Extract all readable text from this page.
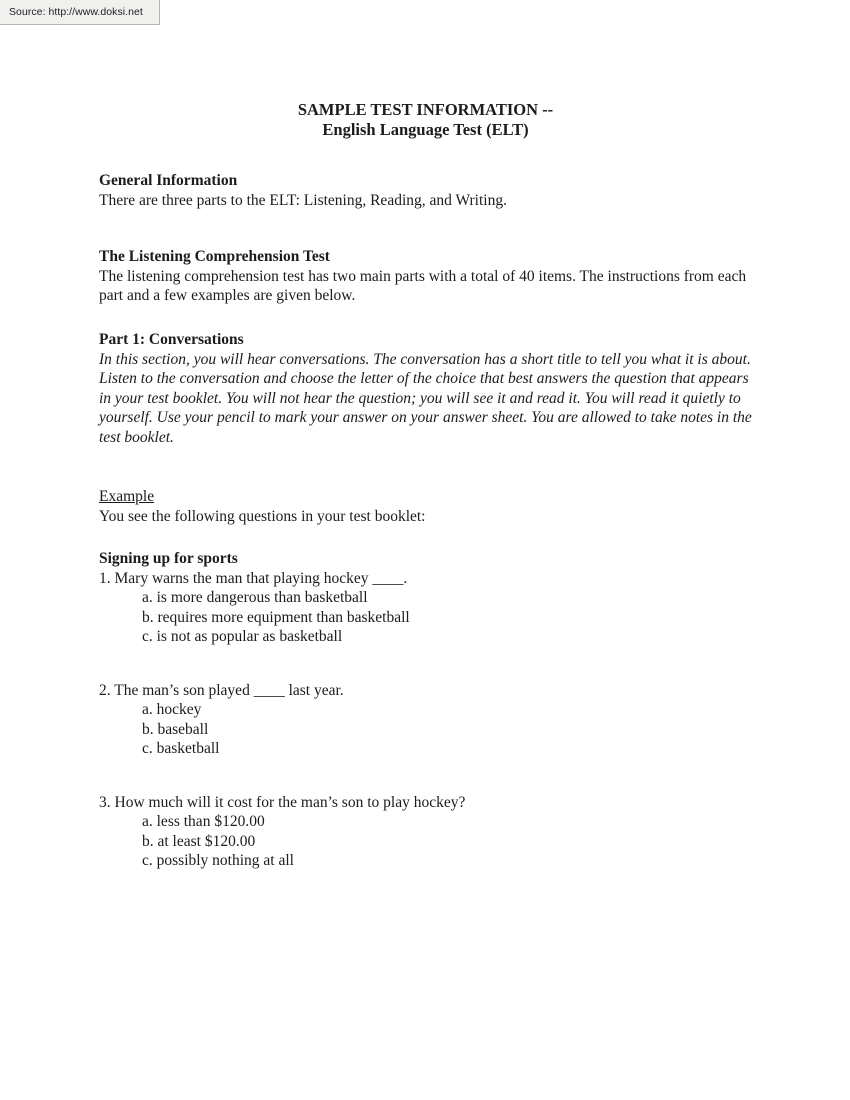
Source: http://www.doksi.net
SAMPLE TEST INFORMATION --
English Language Test (ELT)
General Information
There are three parts to the ELT: Listening, Reading, and Writing.
The Listening Comprehension Test
The listening comprehension test has two main parts with a total of 40 items. The instructions from each part and a few examples are given below.
Part 1: Conversations
In this section, you will hear conversations. The conversation has a short title to tell you what it is about. Listen to the conversation and choose the letter of the choice that best answers the question that appears in your test booklet. You will not hear the question; you will see it and read it. You will read it quietly to yourself. Use your pencil to mark your answer on your answer sheet. You are allowed to take notes in the test booklet.
Example
You see the following questions in your test booklet:
Signing up for sports
1. Mary warns the man that playing hockey ____.
a. is more dangerous than basketball
b. requires more equipment than basketball
c. is not as popular as basketball
2. The man’s son played ____ last year.
a. hockey
b. baseball
c. basketball
3. How much will it cost for the man’s son to play hockey?
a. less than $120.00
b. at least $120.00
c. possibly nothing at all
